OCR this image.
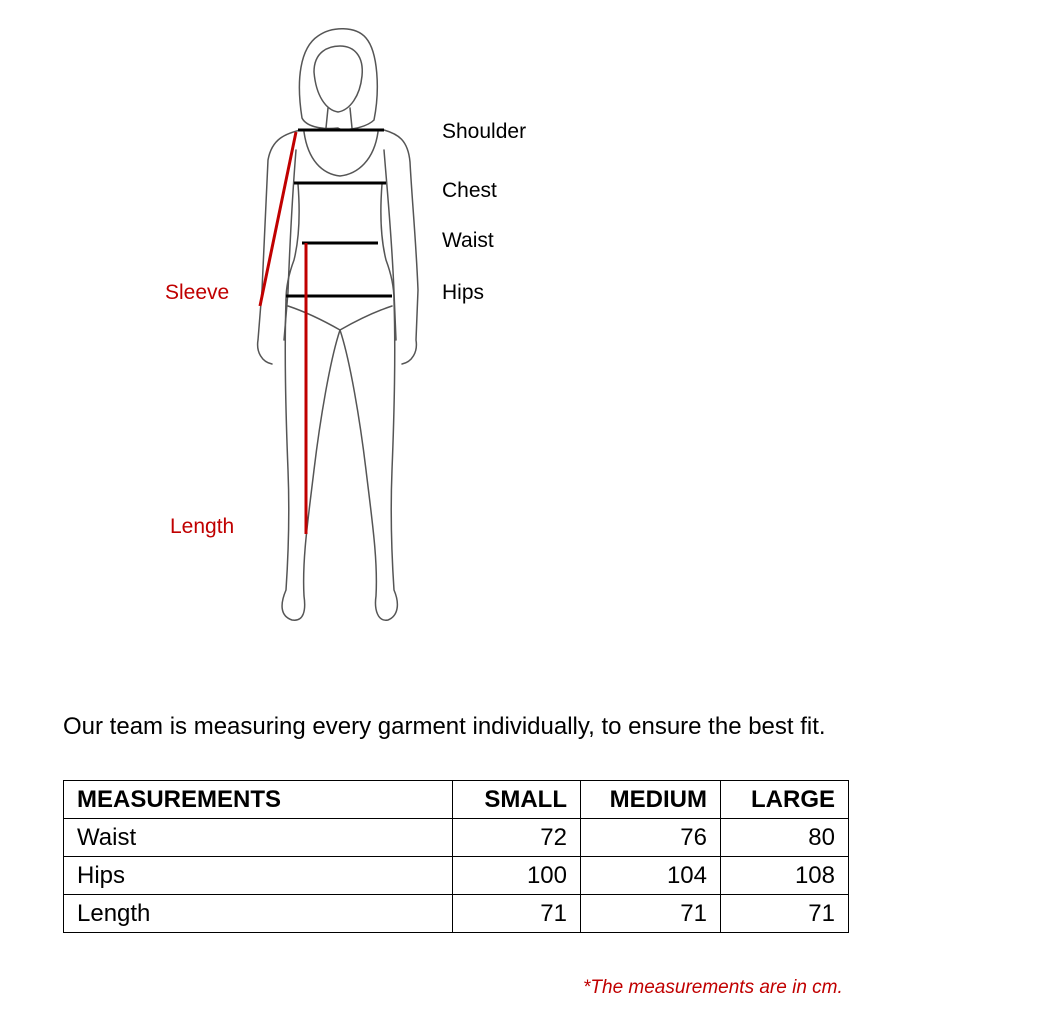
Shoulder
Chest
Waist
Hips
Sleeve
Length
Our team is measuring every garment individually, to ensure the best fit.
MEASUREMENTS	SMALL	MEDIUM	LARGE
Waist	72	76	80
Hips	100	104	108
Length	71	71	71
*The measurements are in cm.
